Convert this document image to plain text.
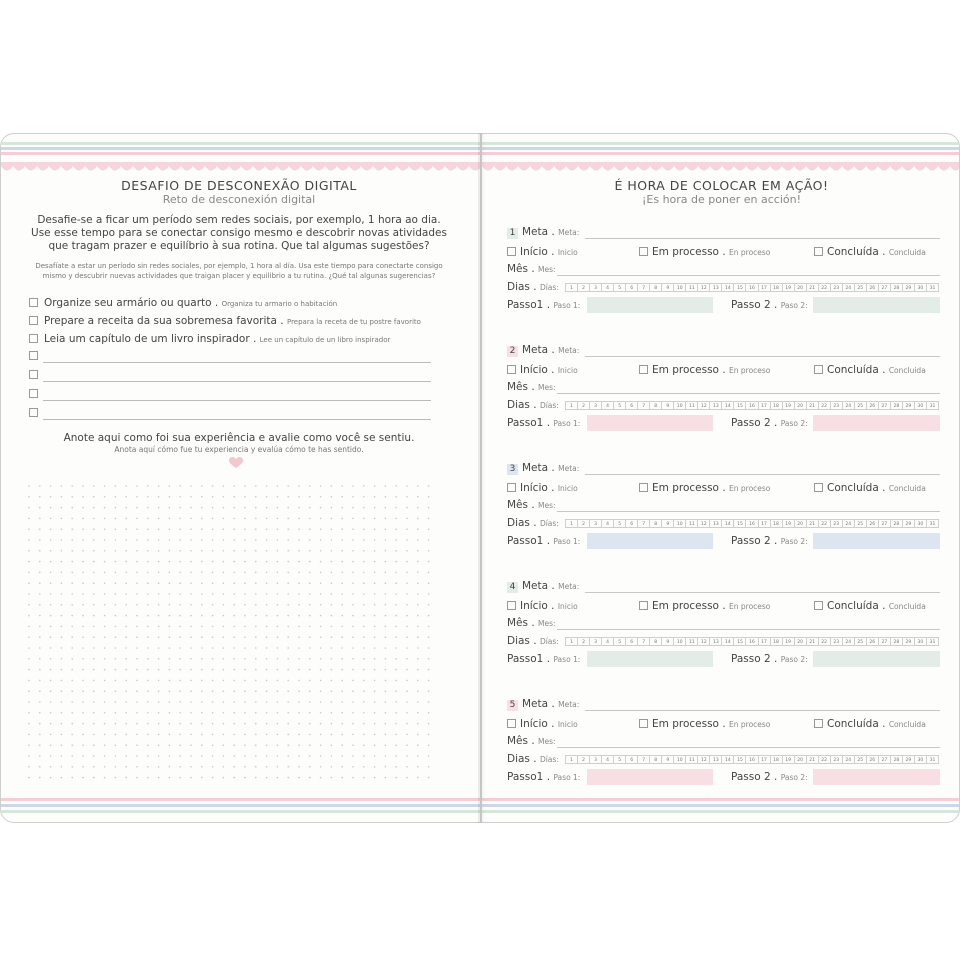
DESAFIO DE DESCONEXÃO DIGITAL
Reto de desconexión digital
Desafie-se a ficar um período sem redes sociais, por exemplo, 1 hora ao dia. Use esse tempo para se conectar consigo mesmo e descobrir novas atividades que tragam prazer e equilíbrio à sua rotina. Que tal algumas sugestões?
Desafíate a estar un período sin redes sociales, por ejemplo, 1 hora al día. Usa este tiempo para conectarte consigo mismo y descubrir nuevas actividades que traigan placer y equilibrio a tu rutina. ¿Qué tal algunas sugerencias?
Organize seu armário ou quarto . Organiza tu armario o habitación
Prepare a receita da sua sobremesa favorita . Prepara la receta de tu postre favorito
Leia um capítulo de um livro inspirador . Lee un capítulo de un libro inspirador
Anote aqui como foi sua experiência e avalie como você se sentiu.
Anota aquí cómo fue tu experiencia y evalúa cómo te has sentido.
É HORA DE COLOCAR EM AÇÃO!
¡Es hora de poner en acción!
1 Meta . Meta:
Início . Inicio	Em processo . En proceso	Concluída . Concluida
Mês . Mes:
Dias . Días:	1	2	3	4	5	6	7	8	9	10	11	12	13	14	15	16	17	18	19	20	21	22	23	24	25	26	27	28	29	30	31
Passo1 . Paso 1:	Passo 2 . Paso 2:
2 Meta . Meta:
Início . Inicio	Em processo . En proceso	Concluída . Concluida
Mês . Mes:
Dias . Días:	1	2	3	4	5	6	7	8	9	10	11	12	13	14	15	16	17	18	19	20	21	22	23	24	25	26	27	28	29	30	31
Passo1 . Paso 1:	Passo 2 . Paso 2:
3 Meta . Meta:
Início . Inicio	Em processo . En proceso	Concluída . Concluida
Mês . Mes:
Dias . Días:	1	2	3	4	5	6	7	8	9	10	11	12	13	14	15	16	17	18	19	20	21	22	23	24	25	26	27	28	29	30	31
Passo1 . Paso 1:	Passo 2 . Paso 2:
4 Meta . Meta:
Início . Inicio	Em processo . En proceso	Concluída . Concluida
Mês . Mes:
Dias . Días:	1	2	3	4	5	6	7	8	9	10	11	12	13	14	15	16	17	18	19	20	21	22	23	24	25	26	27	28	29	30	31
Passo1 . Paso 1:	Passo 2 . Paso 2:
5 Meta . Meta:
Início . Inicio	Em processo . En proceso	Concluída . Concluida
Mês . Mes:
Dias . Días:	1	2	3	4	5	6	7	8	9	10	11	12	13	14	15	16	17	18	19	20	21	22	23	24	25	26	27	28	29	30	31
Passo1 . Paso 1:	Passo 2 . Paso 2:
